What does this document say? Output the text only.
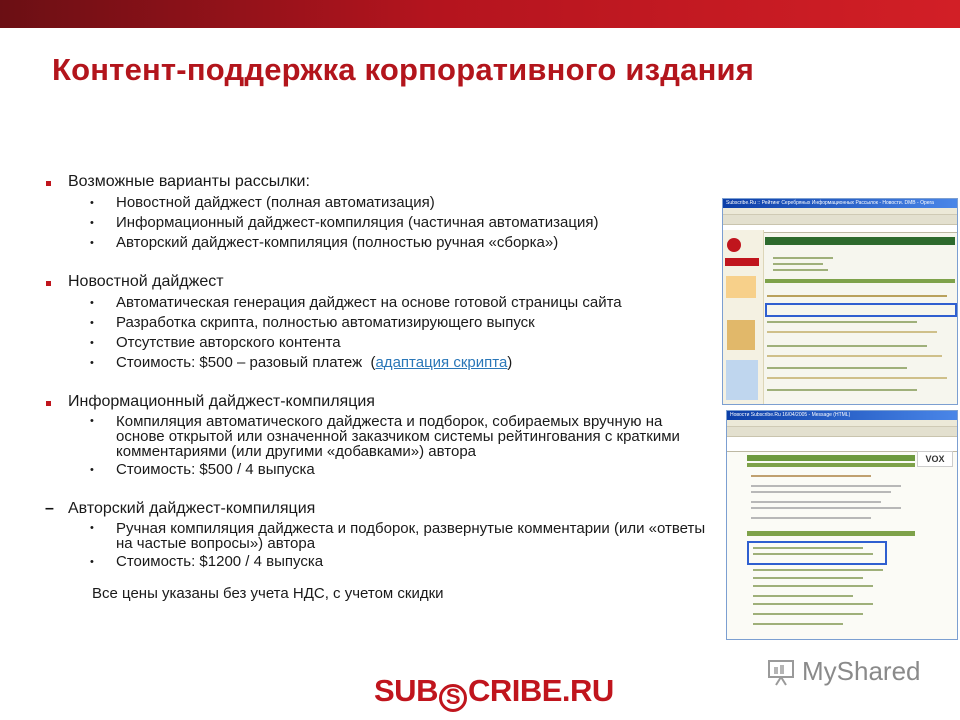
Контент-поддержка корпоративного издания
Возможные варианты рассылки:
• Новостной дайджест (полная автоматизация)
• Информационный дайджест-компиляция (частичная автоматизация)
• Авторский дайджест-компиляция (полностью ручная «сборка»)
Новостной дайджест
• Автоматическая генерация дайджест на основе готовой страницы сайта
• Разработка скрипта, полностью автоматизирующего выпуск
• Отсутствие авторского контента
• Стоимость: $500 – разовый платеж  (адаптация скрипта)
Информационный дайджест-компиляция
• Компиляция автоматического дайджеста и подборок, собираемых вручную на основе открытой или означенной заказчиком системы рейтингования с краткими комментариями (или другими «добавками») автора
• Стоимость: $500 / 4 выпуска
– Авторский дайджест-компиляция
• Ручная компиляция дайджеста и подборок, развернутые комментарии (или «ответы на частые вопросы») автора
• Стоимость: $1200 / 4 выпуска
Все цены указаны без учета НДС, с учетом скидки
Subscribe.Ru :: Рейтинг Серебряных Информационных Рассылок - Новости. DMB - Opera
Новости Subscribe.Ru 16/04/2005 - Message (HTML)
VOX
SUB S CRIBE.RU
MyShared
